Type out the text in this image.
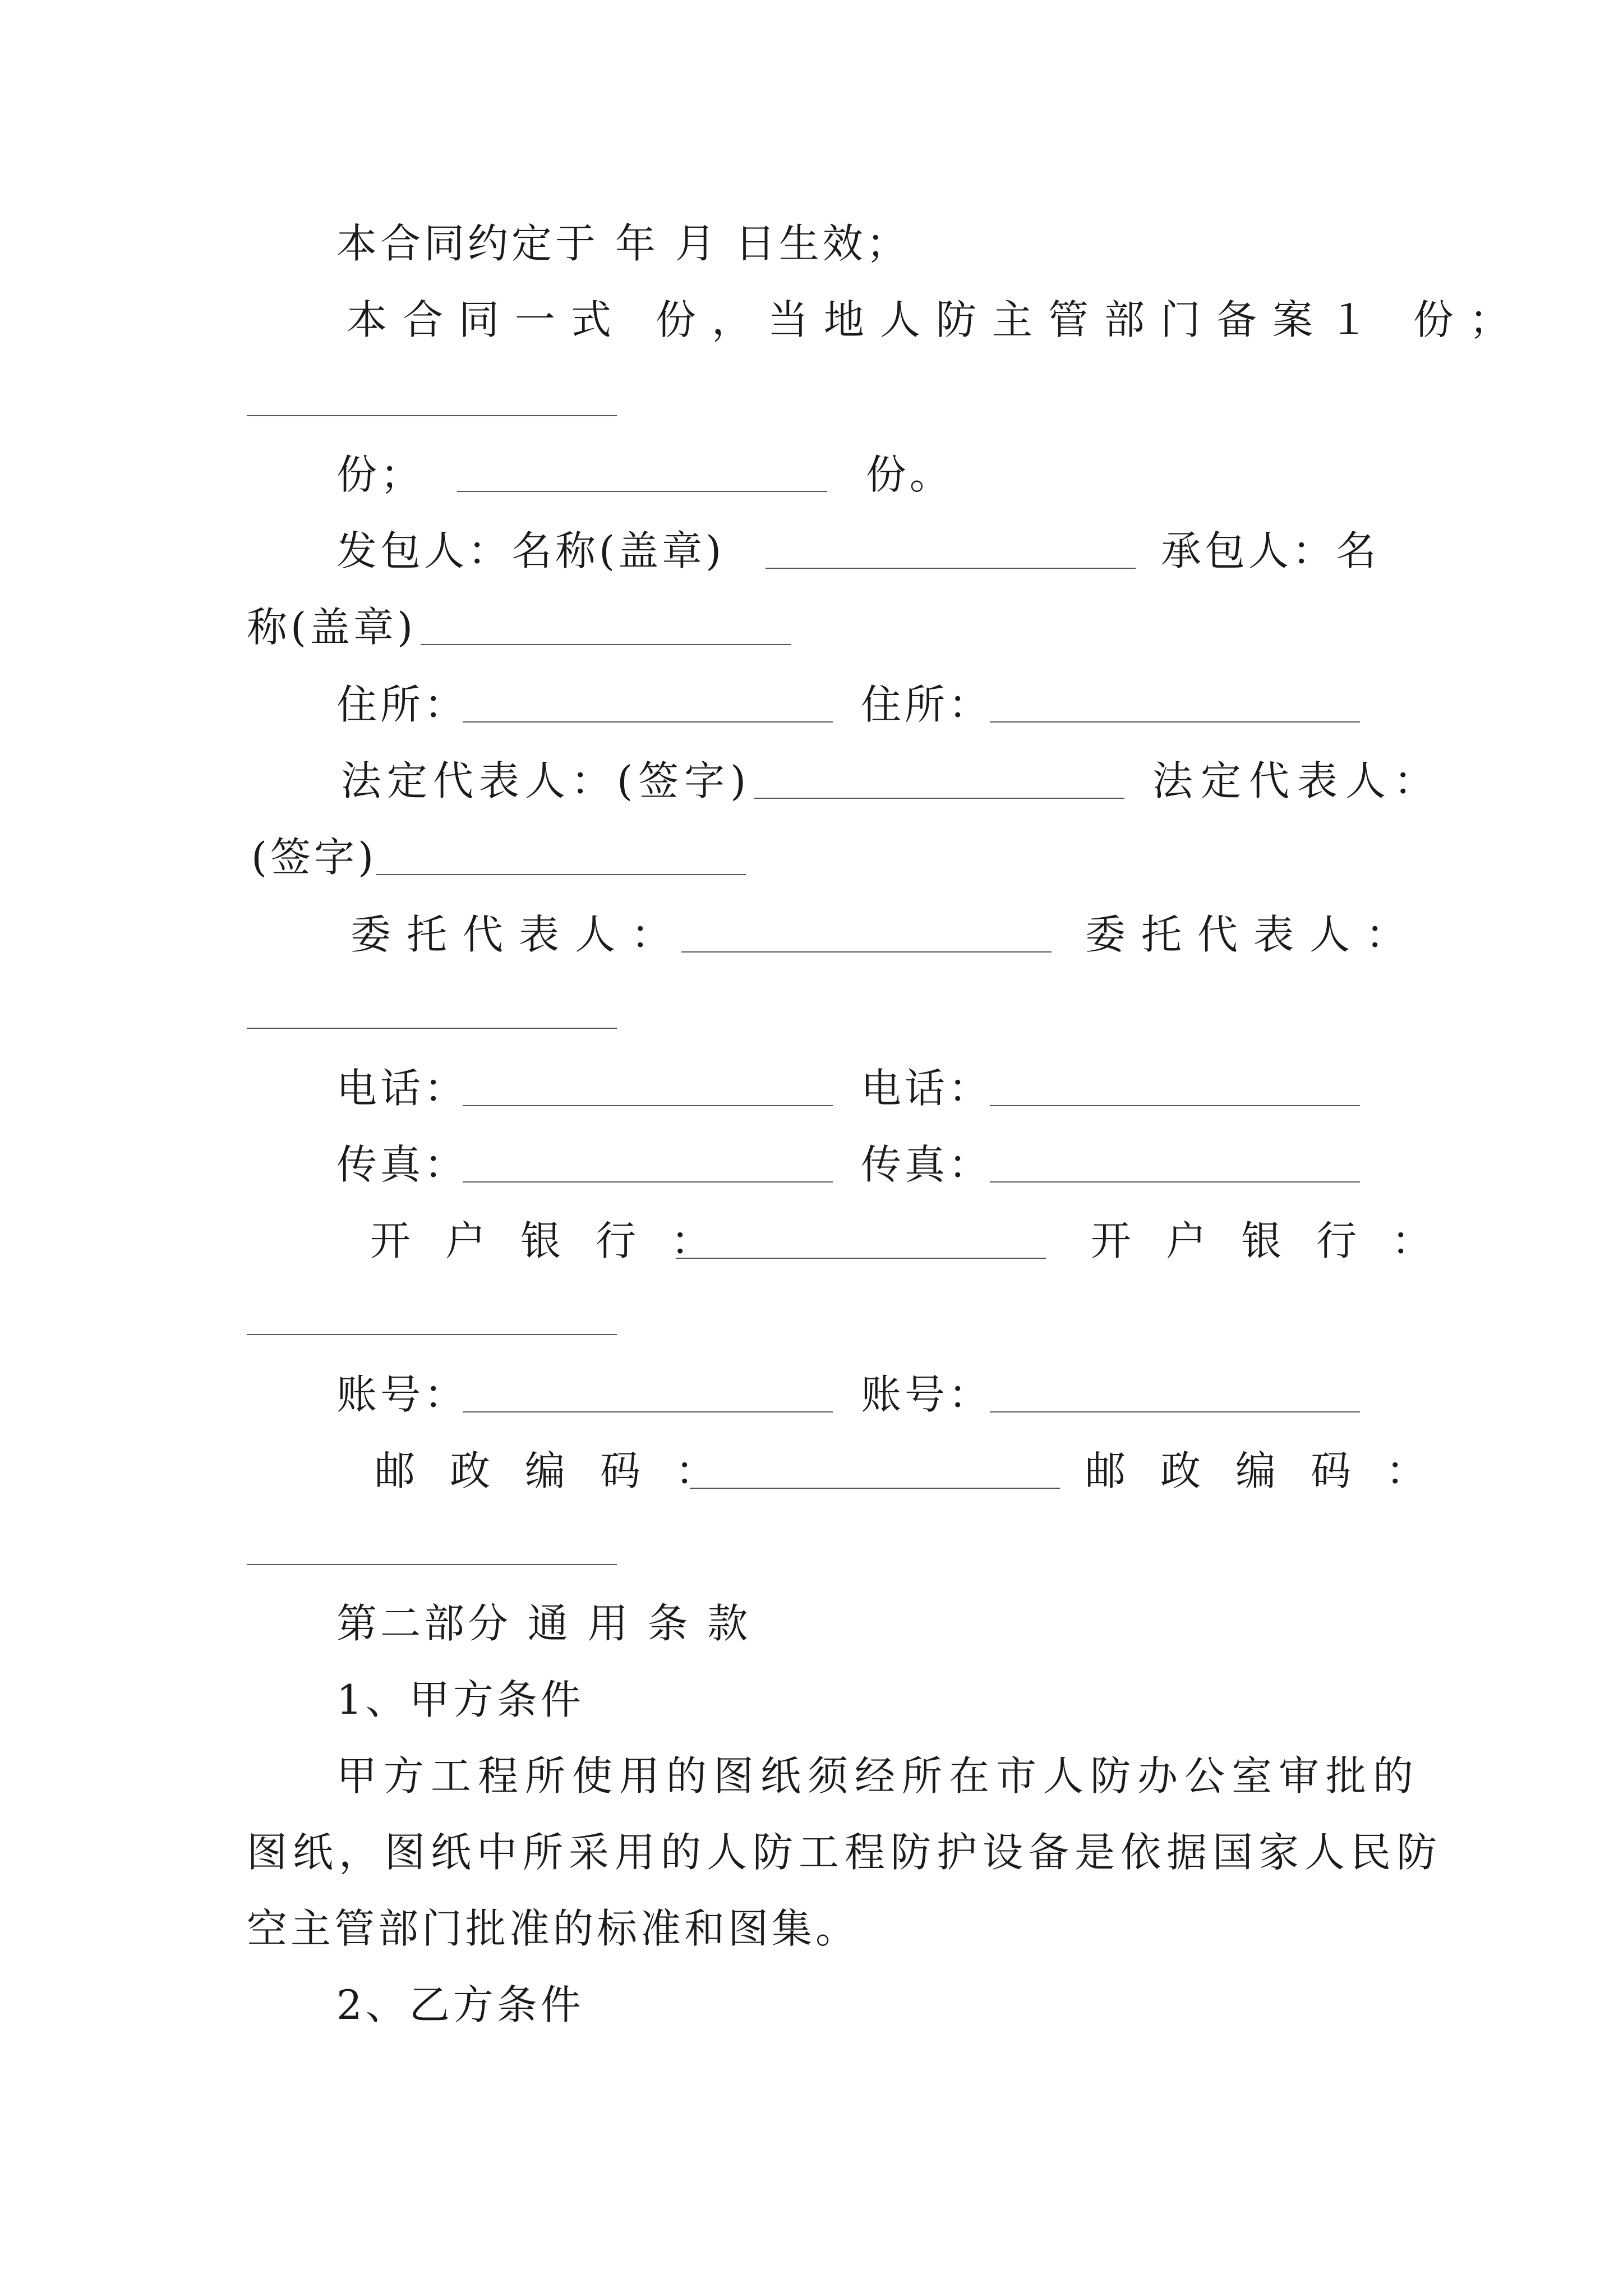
本合同约定于 年 月 日生效；
本合同一式 份，当地人防主管部门备案１ 份；
份；	份。
发包人：名称(盖章)	承包人：名
称(盖章)
住所：	住所：
法定代表人：(签字)	法定代表人：
(签字)
委托代表人：	委托代表人：
电话：	电话：
传真：	传真：
开户银行：	开户银行：
账号：	账号：
邮政编码：	邮政编码：
第二部分 通 用 条 款
1、甲方条件
甲方工程所使用的图纸须经所在市人防办公室审批的
图纸，图纸中所采用的人防工程防护设备是依据国家人民防
空主管部门批准的标准和图集。
2、乙方条件
